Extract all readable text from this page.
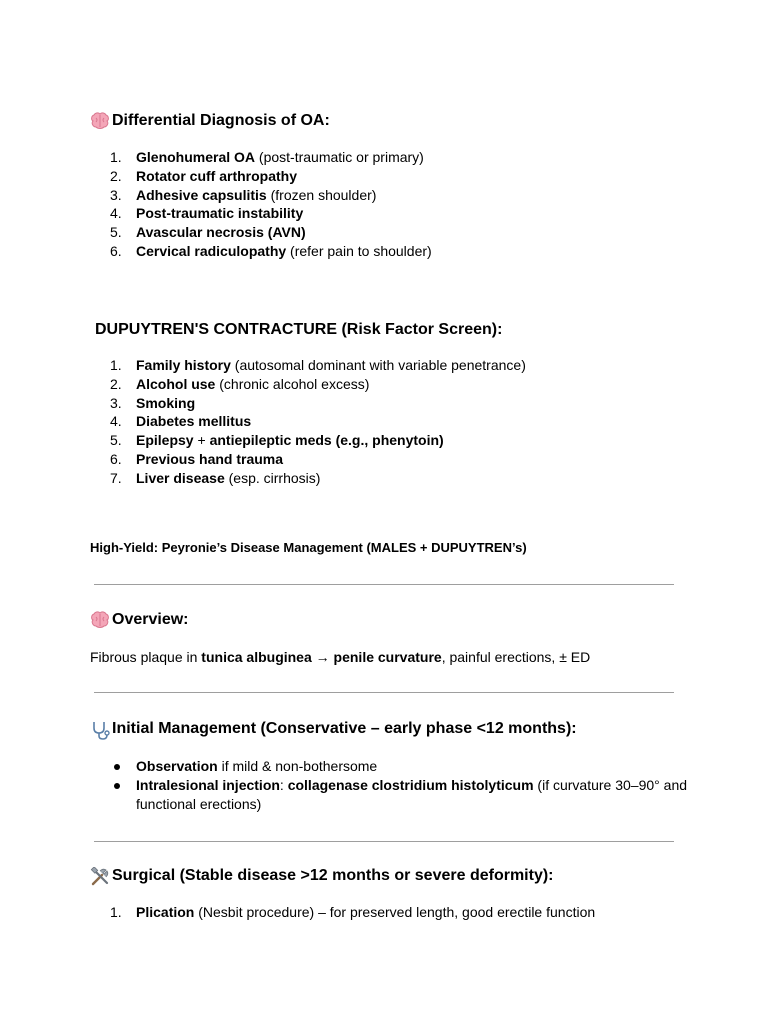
Differential Diagnosis of OA:
1.	Glenohumeral OA (post-traumatic or primary)
2.	Rotator cuff arthropathy
3.	Adhesive capsulitis (frozen shoulder)
4.	Post-traumatic instability
5.	Avascular necrosis (AVN)
6.	Cervical radiculopathy (refer pain to shoulder)
DUPUYTREN'S CONTRACTURE (Risk Factor Screen):
1.	Family history (autosomal dominant with variable penetrance)
2.	Alcohol use (chronic alcohol excess)
3.	Smoking
4.	Diabetes mellitus
5.	Epilepsy + antiepileptic meds (e.g., phenytoin)
6.	Previous hand trauma
7.	Liver disease (esp. cirrhosis)

High-Yield: Peyronie’s Disease Management (MALES + DUPUYTREN’s)

Overview:

Fibrous plaque in tunica albuginea → penile curvature, painful erections, ± ED

Initial Management (Conservative – early phase <12 months):
Observation if mild & non-bothersome
Intralesional injection: collagenase clostridium histolyticum (if curvature 30–90° and functional erections)
Surgical (Stable disease >12 months or severe deformity):
1.	Plication (Nesbit procedure) – for preserved length, good erectile function
